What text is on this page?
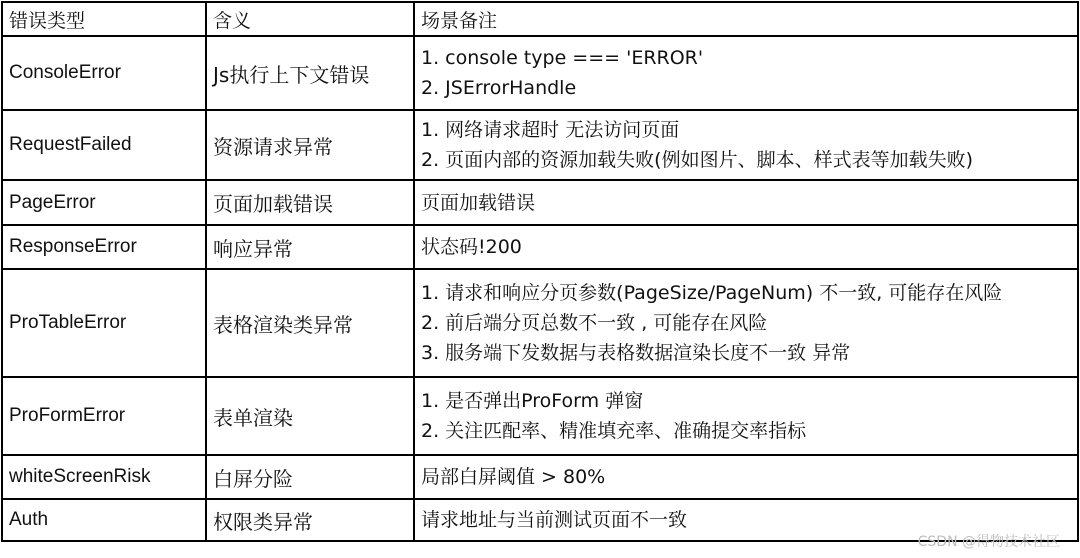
错误类型	含义	场景备注
ConsoleError	Js执行上下文错误	1. console type === 'ERROR'
2. JSErrorHandle

RequestFailed	资源请求异常	1. 网络请求超时 无法访问页面
2. 页面内部的资源加载失败(例如图片、脚本、样式表等加载失败)

PageError	页面加载错误	页面加载错误

ResponseError	响应异常	状态码!200

ProTableError	表格渲染类异常	1. 请求和响应分页参数(PageSize/PageNum) 不一致, 可能存在风险
2. 前后端分页总数不一致 , 可能存在风险
3. 服务端下发数据与表格数据渲染长度不一致 异常

ProFormError	表单渲染	1. 是否弹出ProForm 弹窗
2. 关注匹配率、精准填充率、准确提交率指标

whiteScreenRisk	白屏分险	局部白屏阈值 > 80%

Auth	权限类异常	请求地址与当前测试页面不一致
CSDN @得物技术社区
